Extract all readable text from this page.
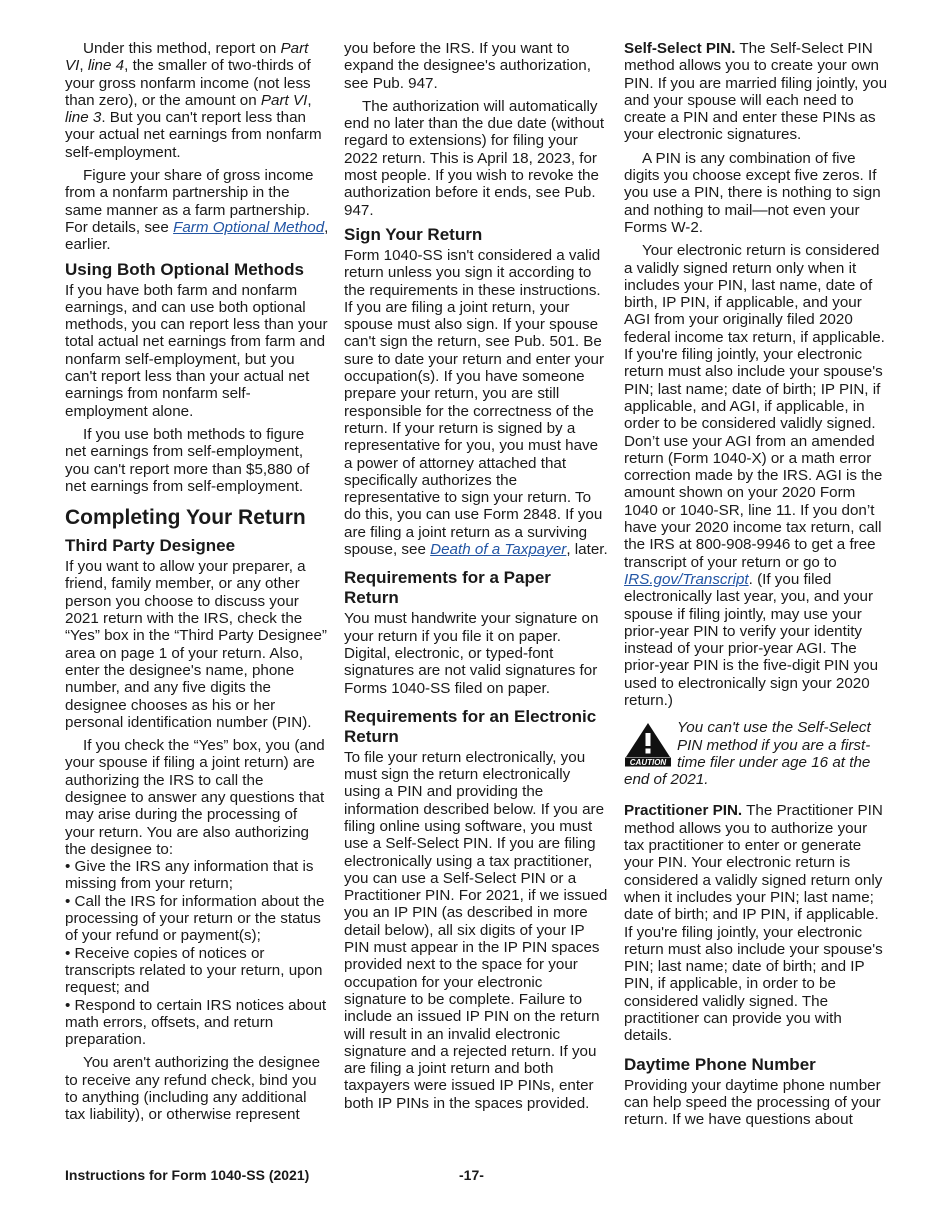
Under this method, report on Part VI, line 4, the smaller of two-thirds of your gross nonfarm income (not less than zero), or the amount on Part VI, line 3. But you can't report less than your actual net earnings from nonfarm self-employment.

Figure your share of gross income from a nonfarm partnership in the same manner as a farm partnership. For details, see Farm Optional Method, earlier.

Using Both Optional Methods

If you have both farm and nonfarm earnings, and can use both optional methods, you can report less than your total actual net earnings from farm and nonfarm self-employment, but you can't report less than your actual net earnings from nonfarm self-employment alone.

If you use both methods to figure net earnings from self-employment, you can't report more than $5,880 of net earnings from self-employment.

Completing Your Return
Third Party Designee

If you want to allow your preparer, a friend, family member, or any other person you choose to discuss your 2021 return with the IRS, check the “Yes” box in the “Third Party Designee” area on page 1 of your return. Also, enter the designee's name, phone number, and any five digits the designee chooses as his or her personal identification number (PIN).

If you check the “Yes” box, you (and your spouse if filing a joint return) are authorizing the IRS to call the designee to answer any questions that may arise during the processing of your return. You are also authorizing the designee to:

• Give the IRS any information that is missing from your return;

• Call the IRS for information about the processing of your return or the status of your refund or payment(s);

• Receive copies of notices or transcripts related to your return, upon request; and

• Respond to certain IRS notices about math errors, offsets, and return preparation.

You aren't authorizing the designee to receive any refund check, bind you to anything (including any additional tax liability), or otherwise represent

you before the IRS. If you want to expand the designee's authorization, see Pub. 947.

The authorization will automatically end no later than the due date (without regard to extensions) for filing your 2022 return. This is April 18, 2023, for most people. If you wish to revoke the authorization before it ends, see Pub. 947.

Sign Your Return

Form 1040-SS isn't considered a valid return unless you sign it according to the requirements in these instructions. If you are filing a joint return, your spouse must also sign. If your spouse can't sign the return, see Pub. 501. Be sure to date your return and enter your occupation(s). If you have someone prepare your return, you are still responsible for the correctness of the return. If your return is signed by a representative for you, you must have a power of attorney attached that specifically authorizes the representative to sign your return. To do this, you can use Form 2848. If you are filing a joint return as a surviving spouse, see Death of a Taxpayer, later.

Requirements for a Paper Return

You must handwrite your signature on your return if you file it on paper. Digital, electronic, or typed-font signatures are not valid signatures for Forms 1040-SS filed on paper.

Requirements for an Electronic Return

To file your return electronically, you must sign the return electronically using a PIN and providing the information described below. If you are filing online using software, you must use a Self-Select PIN. If you are filing electronically using a tax practitioner, you can use a Self-Select PIN or a Practitioner PIN. For 2021, if we issued you an IP PIN (as described in more detail below), all six digits of your IP PIN must appear in the IP PIN spaces provided next to the space for your occupation for your electronic signature to be complete. Failure to include an issued IP PIN on the return will result in an invalid electronic signature and a rejected return. If you are filing a joint return and both taxpayers were issued IP PINs, enter both IP PINs in the spaces provided.

Self-Select PIN. The Self-Select PIN method allows you to create your own PIN. If you are married filing jointly, you and your spouse will each need to create a PIN and enter these PINs as your electronic signatures.

A PIN is any combination of five digits you choose except five zeros. If you use a PIN, there is nothing to sign and nothing to mail—not even your Forms W-2.

Your electronic return is considered a validly signed return only when it includes your PIN, last name, date of birth, IP PIN, if applicable, and your AGI from your originally filed 2020 federal income tax return, if applicable. If you're filing jointly, your electronic return must also include your spouse's PIN; last name; date of birth; IP PIN, if applicable, and AGI, if applicable, in order to be considered validly signed. Don’t use your AGI from an amended return (Form 1040-X) or a math error correction made by the IRS. AGI is the amount shown on your 2020 Form 1040 or 1040-SR, line 11. If you don’t have your 2020 income tax return, call the IRS at 800-908-9946 to get a free transcript of your return or go to IRS.gov/Transcript. (If you filed electronically last year, you, and your spouse if filing jointly, may use your prior-year PIN to verify your identity instead of your prior-year AGI. The prior-year PIN is the five-digit PIN you used to electronically sign your 2020 return.)

CAUTION
You can't use the Self-Select PIN method if you are a first-time filer under age 16 at the end of 2021.

Practitioner PIN. The Practitioner PIN method allows you to authorize your tax practitioner to enter or generate your PIN. Your electronic return is considered a validly signed return only when it includes your PIN; last name; date of birth; and IP PIN, if applicable. If you're filing jointly, your electronic return must also include your spouse's PIN; last name; date of birth; and IP PIN, if applicable, in order to be considered validly signed. The practitioner can provide you with details.

Daytime Phone Number

Providing your daytime phone number can help speed the processing of your return. If we have questions about

Instructions for Form 1040-SS (2021)	-17-
